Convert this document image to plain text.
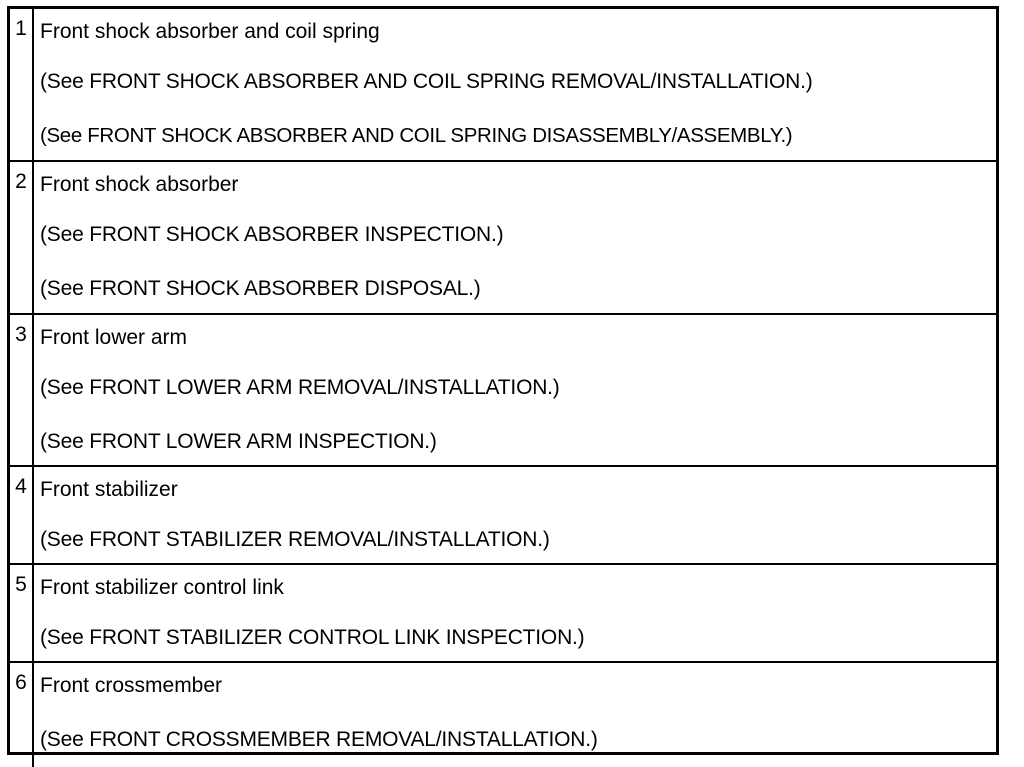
1 Front shock absorber and coil spring
(See FRONT SHOCK ABSORBER AND COIL SPRING REMOVAL/INSTALLATION.)
(See FRONT SHOCK ABSORBER AND COIL SPRING DISASSEMBLY/ASSEMBLY.)
2 Front shock absorber
(See FRONT SHOCK ABSORBER INSPECTION.)
(See FRONT SHOCK ABSORBER DISPOSAL.)
3 Front lower arm
(See FRONT LOWER ARM REMOVAL/INSTALLATION.)
(See FRONT LOWER ARM INSPECTION.)
4 Front stabilizer
(See FRONT STABILIZER REMOVAL/INSTALLATION.)
5 Front stabilizer control link
(See FRONT STABILIZER CONTROL LINK INSPECTION.)
6 Front crossmember
(See FRONT CROSSMEMBER REMOVAL/INSTALLATION.)
